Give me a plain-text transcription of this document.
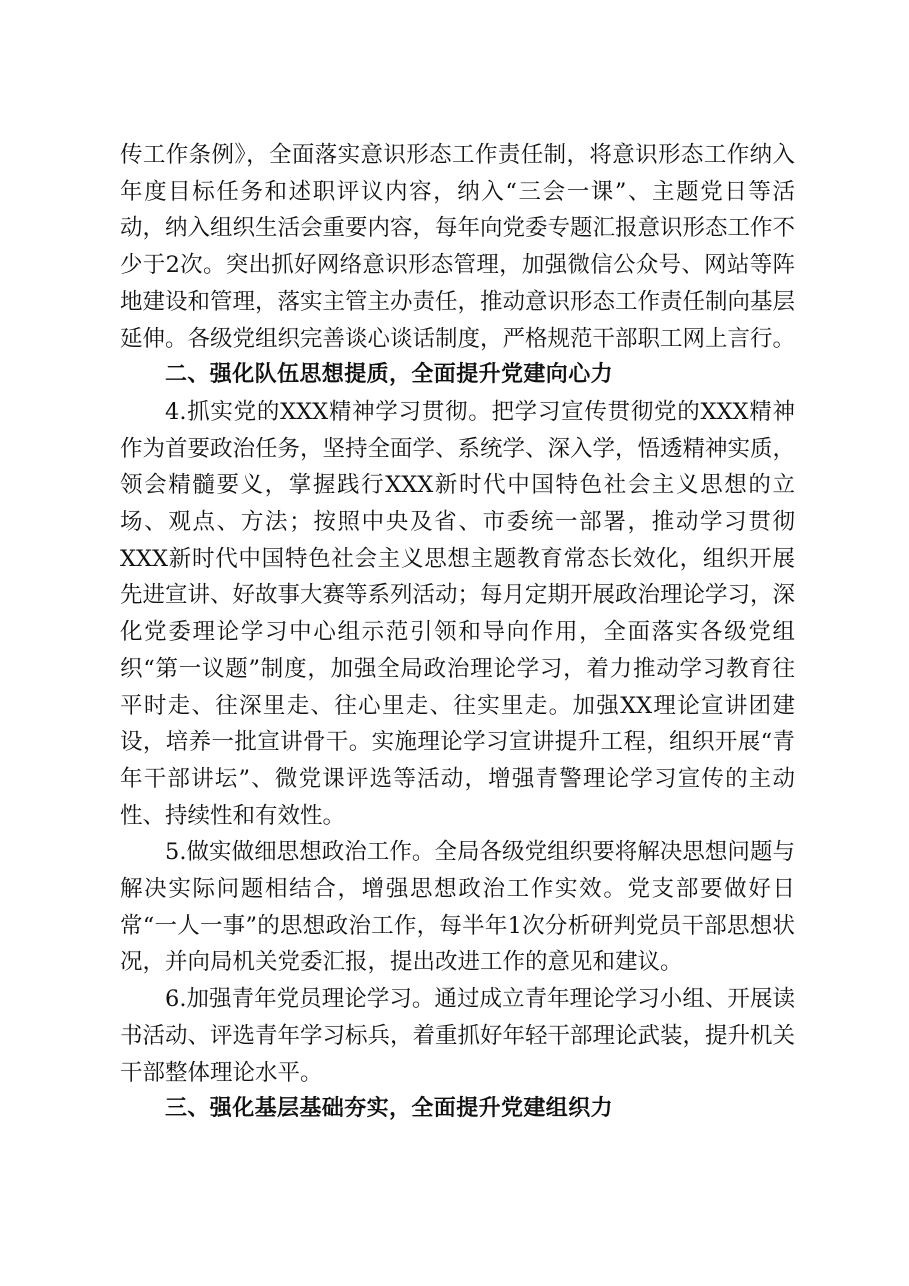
传工作条例》，全面落实意识形态工作责任制，将意识形态工作纳入年度目标任务和述职评议内容，纳入“三会一课”、主题党日等活动，纳入组织生活会重要内容，每年向党委专题汇报意识形态工作不少于2次。突出抓好网络意识形态管理，加强微信公众号、网站等阵地建设和管理，落实主管主办责任，推动意识形态工作责任制向基层延伸。各级党组织完善谈心谈话制度，严格规范干部职工网上言行。

二、强化队伍思想提质，全面提升党建向心力

4.抓实党的XXX精神学习贯彻。把学习宣传贯彻党的XXX精神作为首要政治任务，坚持全面学、系统学、深入学，悟透精神实质，领会精髓要义，掌握践行XXX新时代中国特色社会主义思想的立场、观点、方法；按照中央及省、市委统一部署，推动学习贯彻XXX新时代中国特色社会主义思想主题教育常态长效化，组织开展先进宣讲、好故事大赛等系列活动；每月定期开展政治理论学习，深化党委理论学习中心组示范引领和导向作用，全面落实各级党组织“第一议题”制度，加强全局政治理论学习，着力推动学习教育往平时走、往深里走、往心里走、往实里走。加强XX理论宣讲团建设，培养一批宣讲骨干。实施理论学习宣讲提升工程，组织开展“青年干部讲坛”、微党课评选等活动，增强青警理论学习宣传的主动性、持续性和有效性。

5.做实做细思想政治工作。全局各级党组织要将解决思想问题与解决实际问题相结合，增强思想政治工作实效。党支部要做好日常“一人一事”的思想政治工作，每半年1次分析研判党员干部思想状况，并向局机关党委汇报，提出改进工作的意见和建议。

6.加强青年党员理论学习。通过成立青年理论学习小组、开展读书活动、评选青年学习标兵，着重抓好年轻干部理论武装，提升机关干部整体理论水平。

三、强化基层基础夯实，全面提升党建组织力
